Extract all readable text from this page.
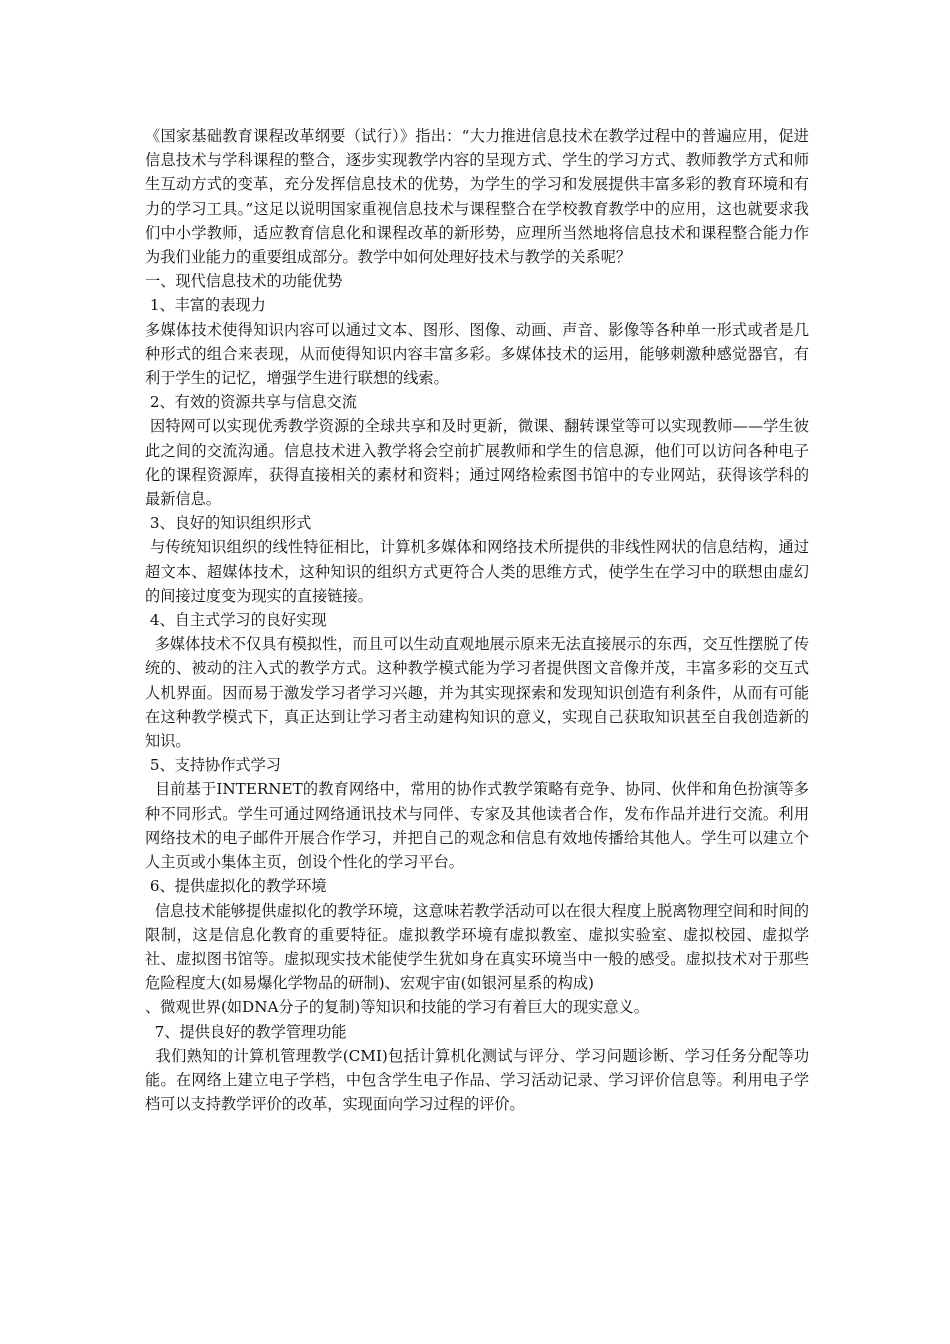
《国家基础教育课程改革纲要（试行）》指出：“大力推进信息技术在教学过程中的普遍应用，促进信息技术与学科课程的整合，逐步实现教学内容的呈现方式、学生的学习方式、教师教学方式和师生互动方式的变革，充分发挥信息技术的优势，为学生的学习和发展提供丰富多彩的教育环境和有力的学习工具。”这足以说明国家重视信息技术与课程整合在学校教育教学中的应用，这也就要求我们中小学教师，适应教育信息化和课程改革的新形势，应理所当然地将信息技术和课程整合能力作为我们业能力的重要组成部分。教学中如何处理好技术与教学的关系呢？

一、现代信息技术的功能优势

1、丰富的表现力

多媒体技术使得知识内容可以通过文本、图形、图像、动画、声音、影像等各种单一形式或者是几种形式的组合来表现，从而使得知识内容丰富多彩。多媒体技术的运用，能够刺激种感觉器官，有利于学生的记忆，增强学生进行联想的线索。

2、有效的资源共享与信息交流

因特网可以实现优秀教学资源的全球共享和及时更新，微课、翻转课堂等可以实现教师——学生彼此之间的交流沟通。信息技术进入教学将会空前扩展教师和学生的信息源，他们可以访问各种电子化的课程资源库，获得直接相关的素材和资料；通过网络检索图书馆中的专业网站，获得该学科的最新信息。

3、良好的知识组织形式

与传统知识组织的线性特征相比，计算机多媒体和网络技术所提供的非线性网状的信息结构，通过超文本、超媒体技术，这种知识的组织方式更符合人类的思维方式，使学生在学习中的联想由虚幻的间接过度变为现实的直接链接。

4、自主式学习的良好实现

多媒体技术不仅具有模拟性，而且可以生动直观地展示原来无法直接展示的东西，交互性摆脱了传统的、被动的注入式的教学方式。这种教学模式能为学习者提供图文音像并茂，丰富多彩的交互式人机界面。因而易于激发学习者学习兴趣，并为其实现探索和发现知识创造有利条件，从而有可能在这种教学模式下，真正达到让学习者主动建构知识的意义，实现自己获取知识甚至自我创造新的知识。

5、支持协作式学习

目前基于INTERNET的教育网络中，常用的协作式教学策略有竞争、协同、伙伴和角色扮演等多种不同形式。学生可通过网络通讯技术与同伴、专家及其他读者合作，发布作品并进行交流。利用网络技术的电子邮件开展合作学习，并把自己的观念和信息有效地传播给其他人。学生可以建立个人主页或小集体主页，创设个性化的学习平台。

6、提供虚拟化的教学环境

信息技术能够提供虚拟化的教学环境，这意味若教学活动可以在很大程度上脱离物理空间和时间的限制，这是信息化教育的重要特征。虚拟教学环境有虚拟教室、虚拟实验室、虚拟校园、虚拟学社、虚拟图书馆等。虚拟现实技术能使学生犹如身在真实环境当中一般的感受。虚拟技术对于那些危险程度大(如易爆化学物品的研制)、宏观宇宙(如银河星系的构成)
、微观世界(如DNA分子的复制)等知识和技能的学习有着巨大的现实意义。

7、提供良好的教学管理功能

我们熟知的计算机管理教学(CMI)包括计算机化测试与评分、学习问题诊断、学习任务分配等功能。在网络上建立电子学档，中包含学生电子作品、学习活动记录、学习评价信息等。利用电子学档可以支持教学评价的改革，实现面向学习过程的评价。
